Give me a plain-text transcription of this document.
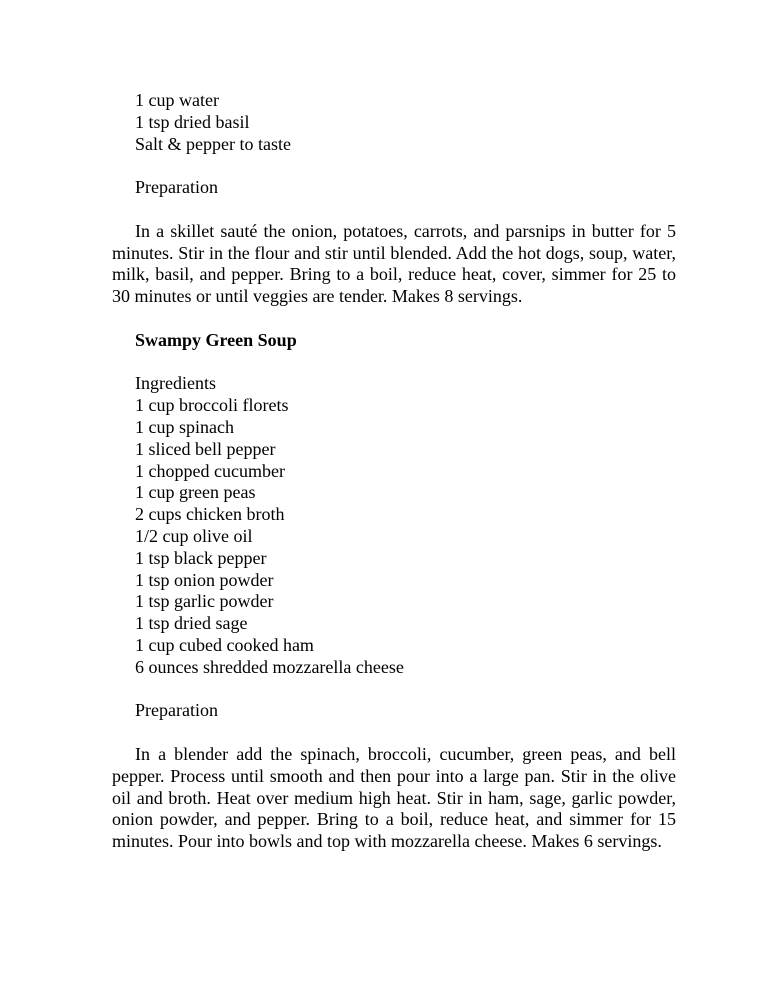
1 cup water
1 tsp dried basil
Salt & pepper to taste
Preparation

In a skillet sauté the onion, potatoes, carrots, and parsnips in butter for 5 minutes. Stir in the flour and stir until blended. Add the hot dogs, soup, water, milk, basil, and pepper. Bring to a boil, reduce heat, cover, simmer for 25 to 30 minutes or until veggies are tender. Makes 8 servings.

Swampy Green Soup
Ingredients
1 cup broccoli florets
1 cup spinach
1 sliced bell pepper
1 chopped cucumber
1 cup green peas
2 cups chicken broth
1/2 cup olive oil
1 tsp black pepper
1 tsp onion powder
1 tsp garlic powder
1 tsp dried sage
1 cup cubed cooked ham
6 ounces shredded mozzarella cheese
Preparation

In a blender add the spinach, broccoli, cucumber, green peas, and bell pepper. Process until smooth and then pour into a large pan. Stir in the olive oil and broth. Heat over medium high heat. Stir in ham, sage, garlic powder, onion powder, and pepper. Bring to a boil, reduce heat, and simmer for 15 minutes. Pour into bowls and top with mozzarella cheese. Makes 6 servings.
